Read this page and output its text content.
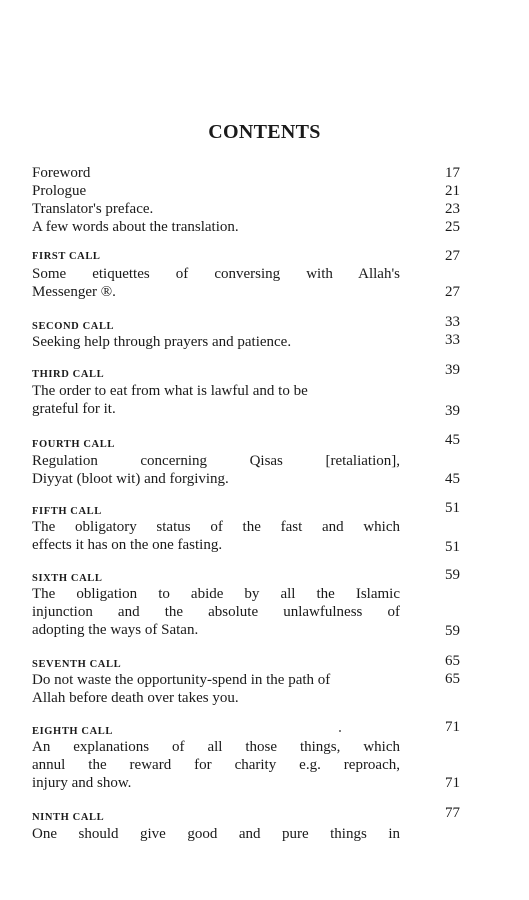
CONTENTS
Foreword	17
Prologue	21
Translator's preface.	23
A few words about the translation.	25
FIRST CALL	27
Some etiquettes of conversing with Allah's
Messenger ®.	27
SECOND CALL	33
Seeking help through prayers and patience.	33
THIRD CALL	39
The order to eat from what is lawful and to be
grateful for it.	39
FOURTH CALL	45
Regulation concerning Qisas [retaliation],
Diyyat (bloot wit) and forgiving.	45
FIFTH CALL	51
The obligatory status of the fast and which
effects it has on the one fasting.	51
SIXTH CALL	59
The obligation to abide by all the Islamic
injunction and the absolute unlawfulness of
adopting the ways of Satan.	59
SEVENTH CALL	65
Do not waste the opportunity-spend in the path of	65
Allah before death over takes you.
EIGHTH CALL	71
An explanations of all those things, which
annul the reward for charity e.g. reproach,
injury and show.	71
NINTH CALL	77
One should give good and pure things in
